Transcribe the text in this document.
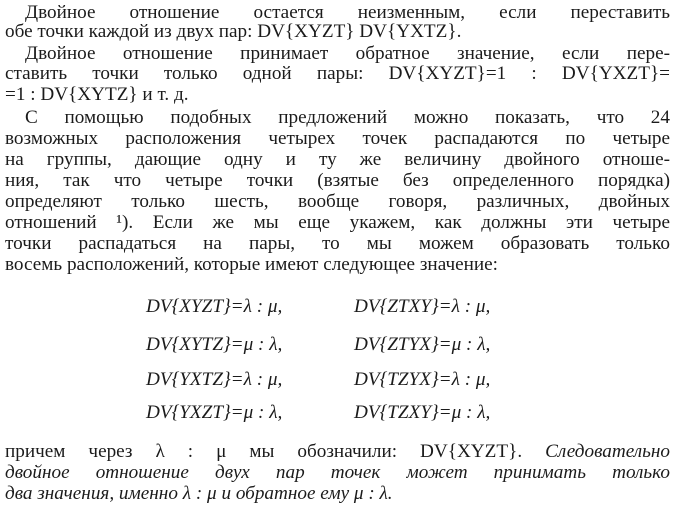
Двойное отношение остается неизменным, если переставить
обе точки каждой из двух пар: DV{XYZT} DV{YXTZ}.
Двойное отношение принимает обратное значение, если пере-
ставить точки только одной пары: DV{XYZT}=1 : DV{YXZT}=
=1 : DV{XYTZ} и т. д.
С помощью подобных предложений можно показать, что 24
возможных расположения четырех точек распадаются по четыре
на группы, дающие одну и ту же величину двойного отноше-
ния, так что четыре точки (взятые без определенного порядка)
определяют только шесть, вообще говоря, различных, двойных
отношений ¹). Если же мы еще укажем, как должны эти четыре
точки распадаться на пары, то мы можем образовать только
восемь расположений, которые имеют следующее значение:
DV{XYZT}=λ : μ,	DV{ZTXY}=λ : μ,
DV{XYTZ}=μ : λ,	DV{ZTYX}=μ : λ,
DV{YXTZ}=λ : μ,	DV{TZYX}=λ : μ,
DV{YXZT}=μ : λ,	DV{TZXY}=μ : λ,
причем через λ : μ мы обозначили: DV{XYZT}. Следовательно
двойное отношение двух пар точек может принимать только
два значения, именно λ : μ и обратное ему μ : λ.
